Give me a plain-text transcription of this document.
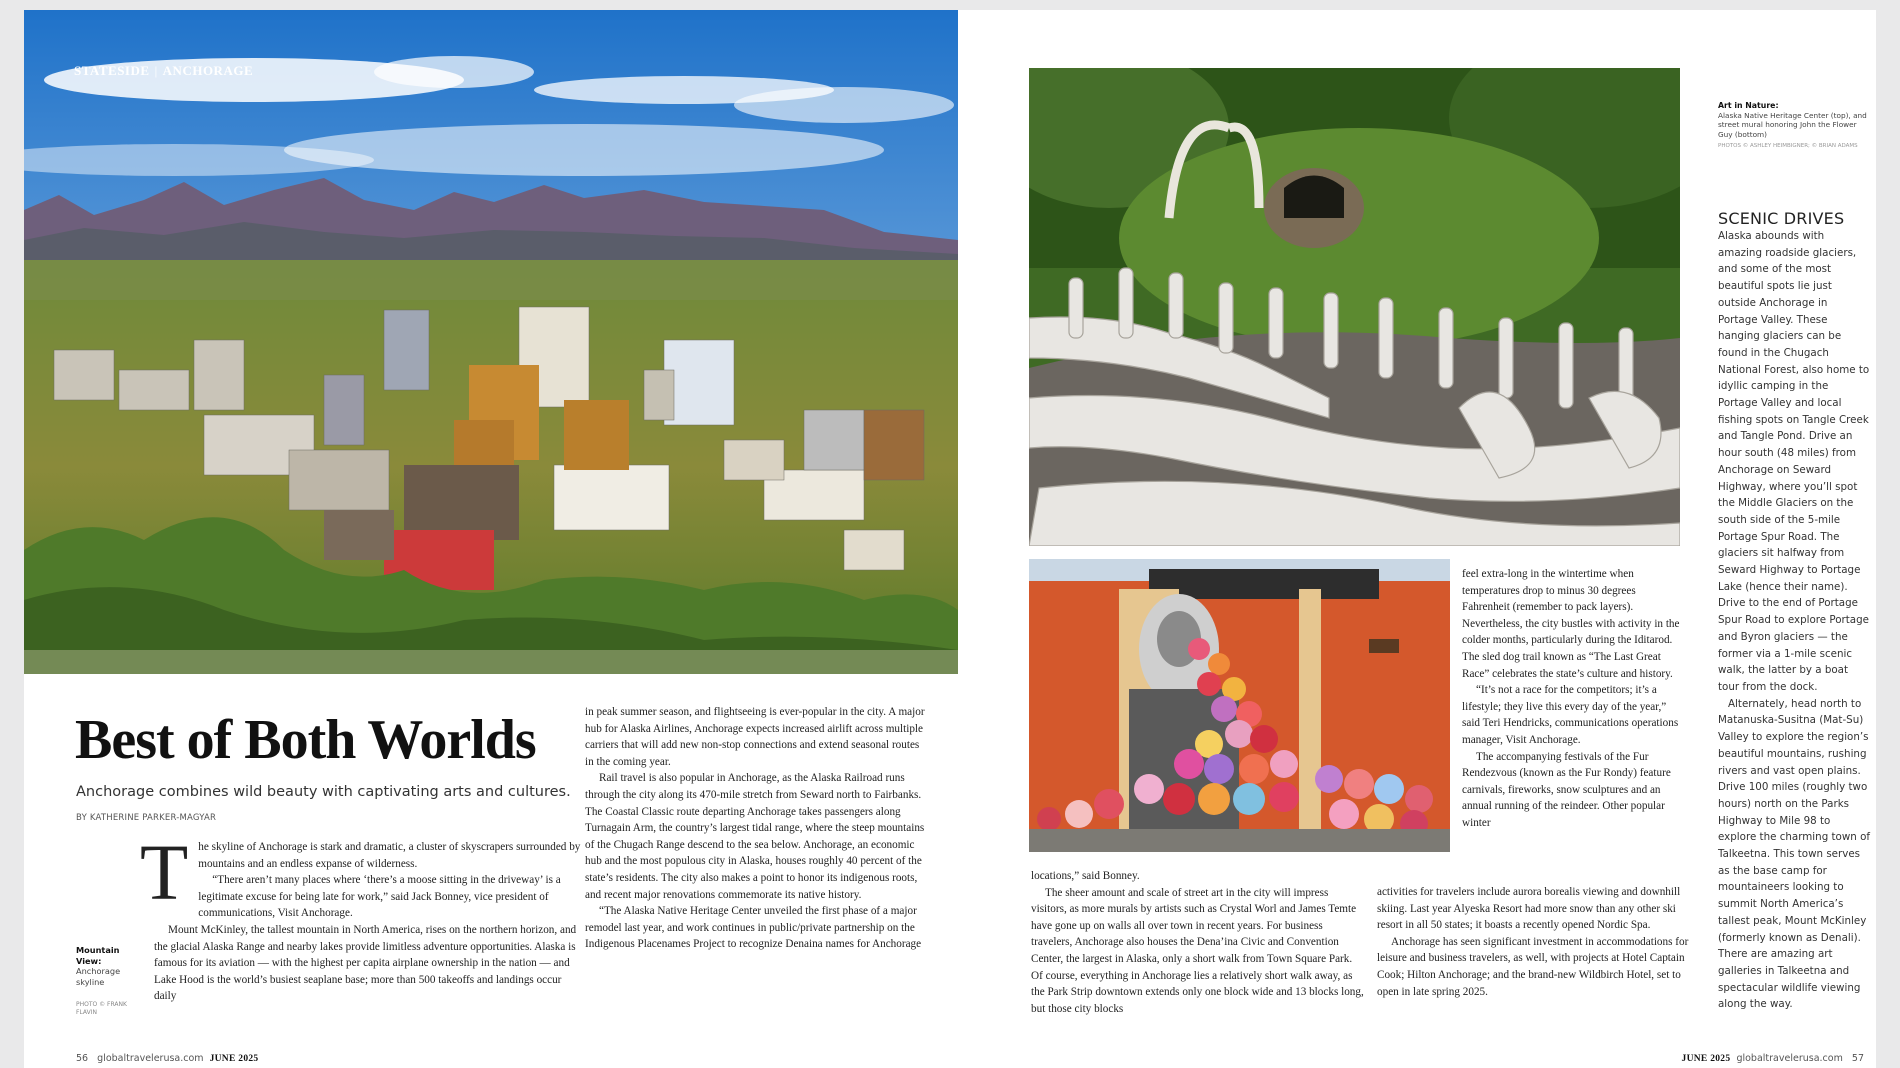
STATESIDE | ANCHORAGE
Best of Both Worlds
Anchorage combines wild beauty with captivating arts and cultures.
BY KATHERINE PARKER-MAGYAR
Mountain View:
Anchorage skyline
PHOTO © FRANK FLAVIN
T he skyline of Anchorage is stark and dramatic, a cluster of skyscrapers surrounded by mountains and an endless expanse of wilderness.

“There aren’t many places where ‘there’s a moose sitting in the driveway’ is a legitimate excuse for being late for work,” said Jack Bonney, vice president of communications, Visit Anchorage.

Mount McKinley, the tallest mountain in North America, rises on the northern horizon, and the glacial Alaska Range and nearby lakes provide limitless adventure opportunities. Alaska is famous for its aviation — with the highest per capita airplane ownership in the nation — and Lake Hood is the world’s busiest seaplane base; more than 500 takeoffs and landings occur daily

in peak summer season, and flightseeing is ever-popular in the city. A major hub for Alaska Airlines, Anchorage expects increased airlift across multiple carriers that will add new non-stop connections and extend seasonal routes in the coming year.

Rail travel is also popular in Anchorage, as the Alaska Railroad runs through the city along its 470-mile stretch from Seward north to Fairbanks. The Coastal Classic route departing Anchorage takes passengers along Turnagain Arm, the country’s largest tidal range, where the steep mountains of the Chugach Range descend to the sea below. Anchorage, an economic hub and the most populous city in Alaska, houses roughly 40 percent of the state’s residents. The city also makes a point to honor its indigenous roots, and recent major renovations commemorate its native history.

“The Alaska Native Heritage Center unveiled the first phase of a major remodel last year, and work continues in public/private partnership on the Indigenous Placenames Project to recognize Denaina names for Anchorage

56 globaltravelerusa.com JUNE 2025
Art in Nature:
Alaska Native Heritage Center (top), and street mural honoring John the Flower Guy (bottom)
PHOTOS © ASHLEY HEIMBIGNER; © BRIAN ADAMS
SCENIC DRIVES

Alaska abounds with amazing roadside glaciers, and some of the most beautiful spots lie just outside Anchorage in Portage Valley. These hanging glaciers can be found in the Chugach National Forest, also home to idyllic camping in the Portage Valley and local fishing spots on Tangle Creek and Tangle Pond. Drive an hour south (48 miles) from Anchorage on Seward Highway, where you’ll spot the Middle Glaciers on the south side of the 5-mile Portage Spur Road. The glaciers sit halfway from Seward Highway to Portage Lake (hence their name). Drive to the end of Portage Spur Road to explore Portage and Byron glaciers — the former via a 1-mile scenic walk, the latter by a boat tour from the dock.

Alternately, head north to Matanuska-Susitna (Mat-Su) Valley to explore the region’s beautiful mountains, rushing rivers and vast open plains. Drive 100 miles (roughly two hours) north on the Parks Highway to Mile 98 to explore the charming town of Talkeetna. This town serves as the base camp for mountaineers looking to summit North America’s tallest peak, Mount McKinley (formerly known as Denali). There are amazing art galleries in Talkeetna and spectacular wildlife viewing along the way.

feel extra-long in the wintertime when temperatures drop to minus 30 degrees Fahrenheit (remember to pack layers). Nevertheless, the city bustles with activity in the colder months, particularly during the Iditarod. The sled dog trail known as “The Last Great Race” celebrates the state’s culture and history.

“It’s not a race for the competitors; it’s a lifestyle; they live this every day of the year,” said Teri Hendricks, communications operations manager, Visit Anchorage.

The accompanying festivals of the Fur Rendezvous (known as the Fur Rondy) feature carnivals, fireworks, snow sculptures and an annual running of the reindeer. Other popular winter

locations,” said Bonney.

The sheer amount and scale of street art in the city will impress visitors, as more murals by artists such as Crystal Worl and James Temte have gone up on walls all over town in recent years. For business travelers, Anchorage also houses the Dena’ina Civic and Convention Center, the largest in Alaska, only a short walk from Town Square Park. Of course, everything in Anchorage lies a relatively short walk away, as the Park Strip downtown extends only one block wide and 13 blocks long, but those city blocks

activities for travelers include aurora borealis viewing and downhill skiing. Last year Alyeska Resort had more snow than any other ski resort in all 50 states; it boasts a recently opened Nordic Spa.

Anchorage has seen significant investment in accommodations for leisure and business travelers, as well, with projects at Hotel Captain Cook; Hilton Anchorage; and the brand-new Wildbirch Hotel, set to open in late spring 2025.

JUNE 2025 globaltravelerusa.com 57
